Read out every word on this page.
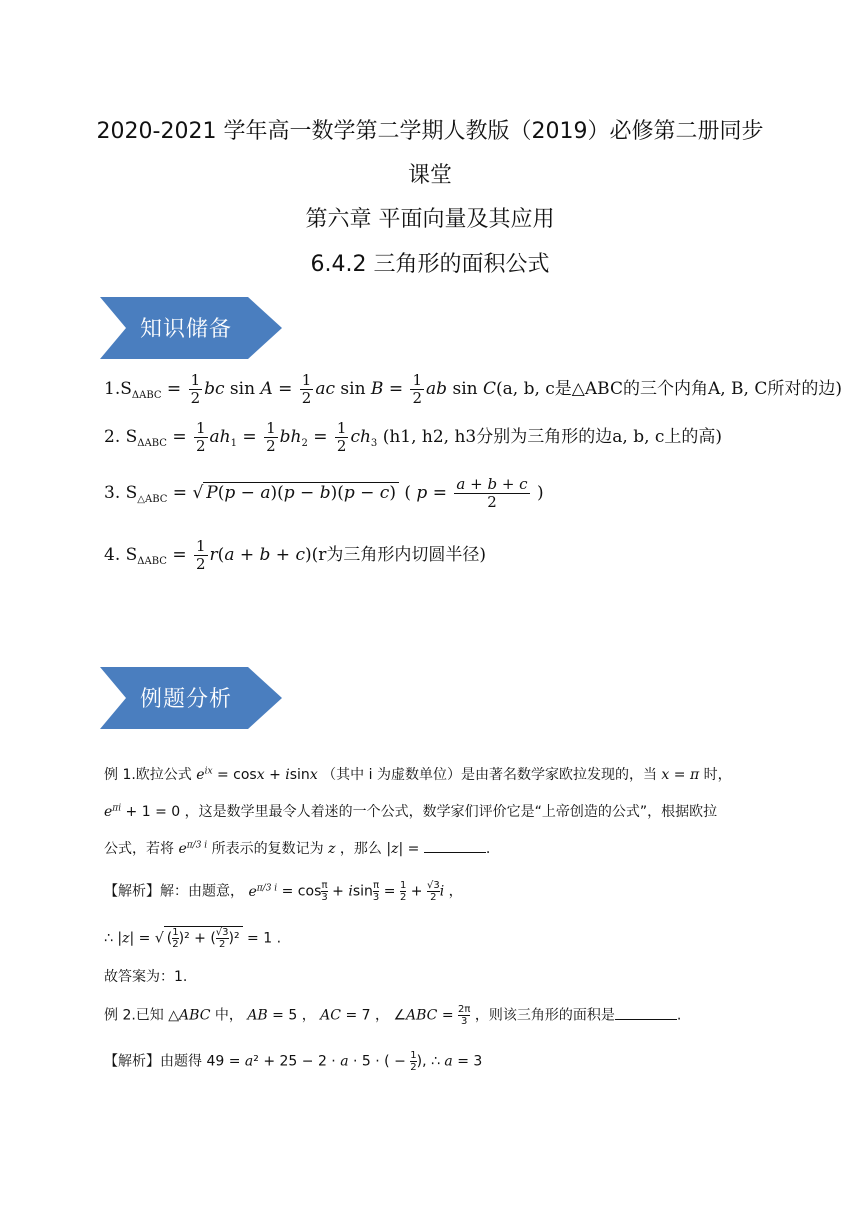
2020-2021 学年高一数学第二学期人教版（2019）必修第二册同步
课堂
第六章 平面向量及其应用
6.4.2 三角形的面积公式
知识储备
$1.S_{\Delta ABC} = \frac{1}{2}$ bc $\sin A = \frac{1}{2}$ ac $\sin B = \frac{1}{2}$ ab sin C(a, b, c是△ABC的三个内角A, B, C所对的边)
2. $S_{\Delta ABC} = \frac{1}{2} ah_1 = \frac{1}{2} bh_2 = \frac{1}{2} ch_3$ (h1, h2, h3分别为三角形的边a, b, c上的高)
3. $S_{\triangle ABC}$ = √ P(p − a)(p − b)(p − c) ( $p = \frac{a + b + c}{2}$ )
4. $S_{\Delta ABC} = \frac{1}{2} r(a + b + c)(r$为三角形内切圆半径)
例题分析
例 1.欧拉公式 $e^{ix} = \cos x + isinx$ （其中 i 为虚数单位）是由著名数学家欧拉发现的，当 x = π 时，
$e^{\pi i} + 1 = 0$ ，这是数学里最令人着迷的一个公式，数学家们评价它是“上帝创造的公式”，根据欧拉
公式，若将 $e^{\pi/3 i}$ 所表示的复数记为 z ，那么 |z| =	.
【解析】解：由题意， $e^{\pi/3 i} = \cos \frac{\pi}{3} + isin \frac{\pi}{3} = \frac{1}{2} + \frac{√3}{2}$ i ，
∴ |z| = √ ( $\frac{1}{2} )^2$ + ( $\frac{√3}{2} )^2 = 1$ .
故答案为：1.
例 2.已知 △ABC 中， AB = 5 ， AC = 7 ， ∠ABC = $\frac{2\pi}{3}$ ，则该三角形的面积是	.
【解析】由题得 49 = a² + 25 − 2 · a · 5 · ( − $\frac{1}{2}$ ), ∴ a = 3
